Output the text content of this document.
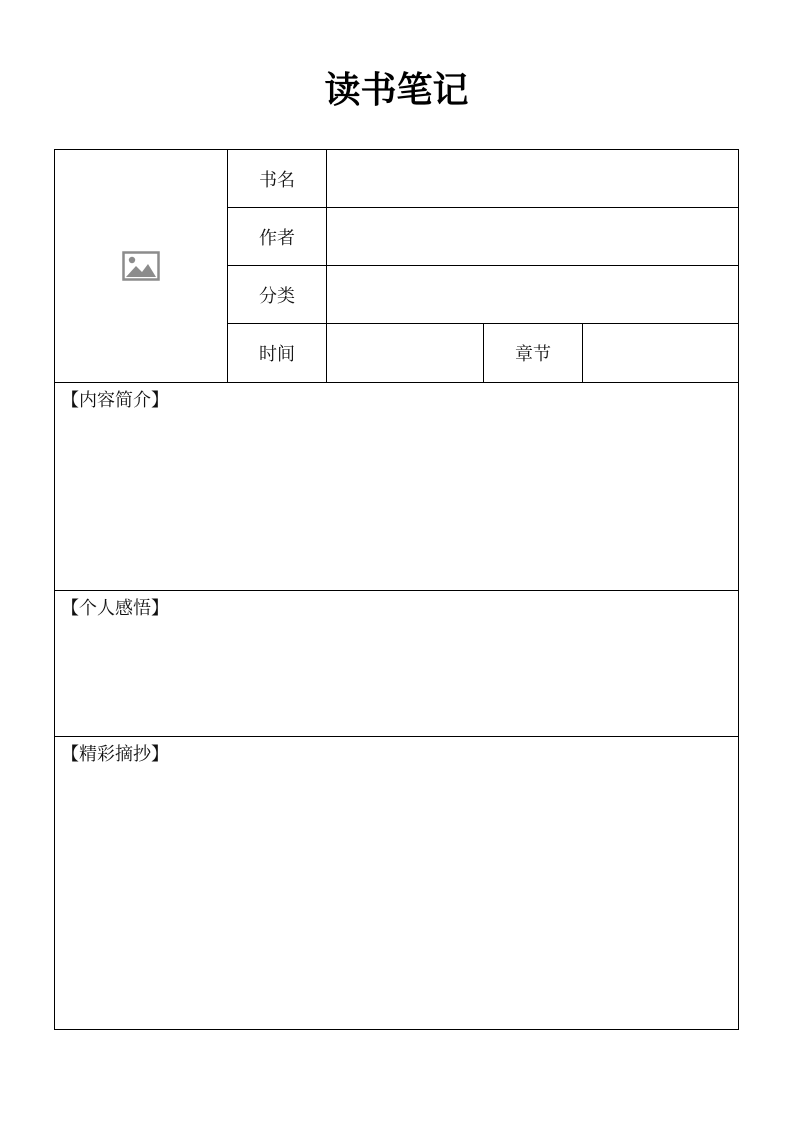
读书笔记
书名
作者
分类
时间	章节
【内容简介】
【个人感悟】
【精彩摘抄】
